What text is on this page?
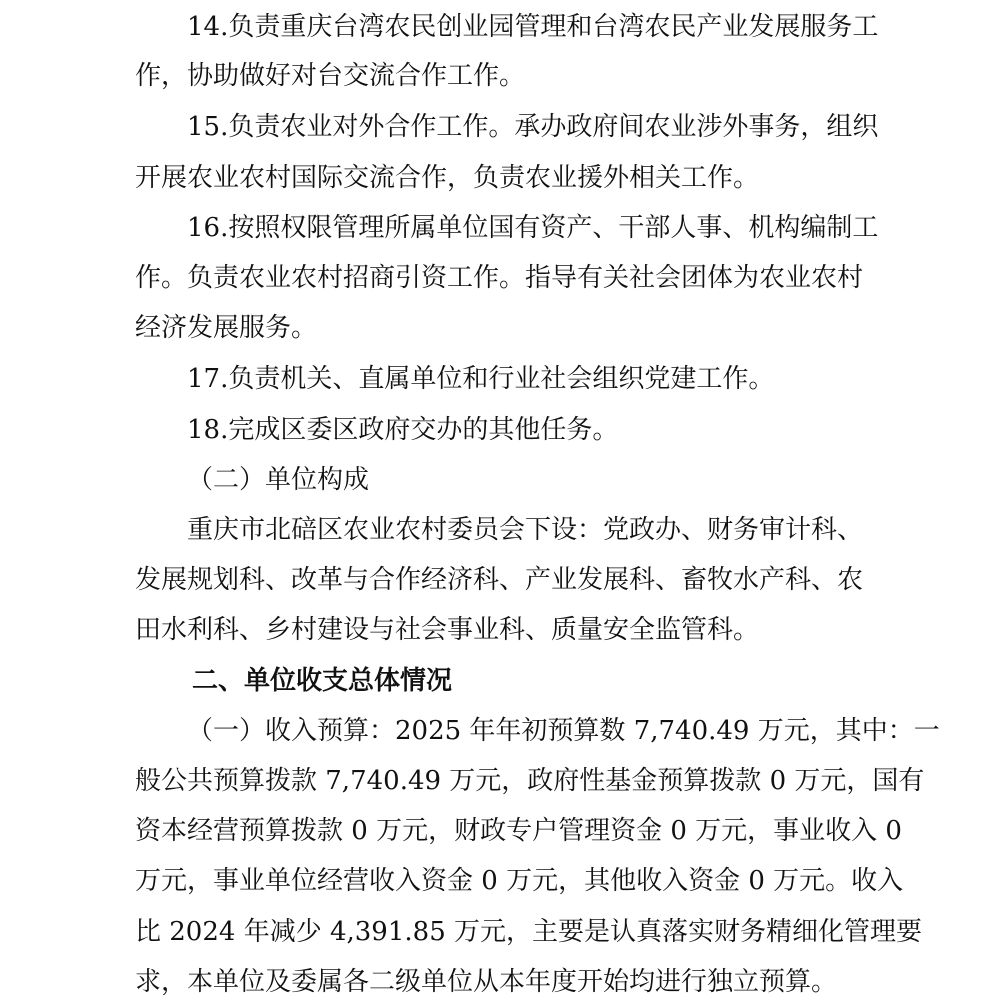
14.负责重庆台湾农民创业园管理和台湾农民产业发展服务工
作，协助做好对台交流合作工作。
15.负责农业对外合作工作。承办政府间农业涉外事务，组织
开展农业农村国际交流合作，负责农业援外相关工作。
16.按照权限管理所属单位国有资产、干部人事、机构编制工
作。负责农业农村招商引资工作。指导有关社会团体为农业农村
经济发展服务。
17.负责机关、直属单位和行业社会组织党建工作。
18.完成区委区政府交办的其他任务。
（二）单位构成
重庆市北碚区农业农村委员会下设：党政办、财务审计科、
发展规划科、改革与合作经济科、产业发展科、畜牧水产科、农
田水利科、乡村建设与社会事业科、质量安全监管科。
二、单位收支总体情况
（一）收入预算：2025 年年初预算数 7,740.49 万元，其中：一
般公共预算拨款 7,740.49 万元，政府性基金预算拨款 0 万元，国有
资本经营预算拨款 0 万元，财政专户管理资金 0 万元，事业收入 0
万元，事业单位经营收入资金 0 万元，其他收入资金 0 万元。收入
比 2024 年减少 4,391.85 万元，主要是认真落实财务精细化管理要
求，本单位及委属各二级单位从本年度开始均进行独立预算。
